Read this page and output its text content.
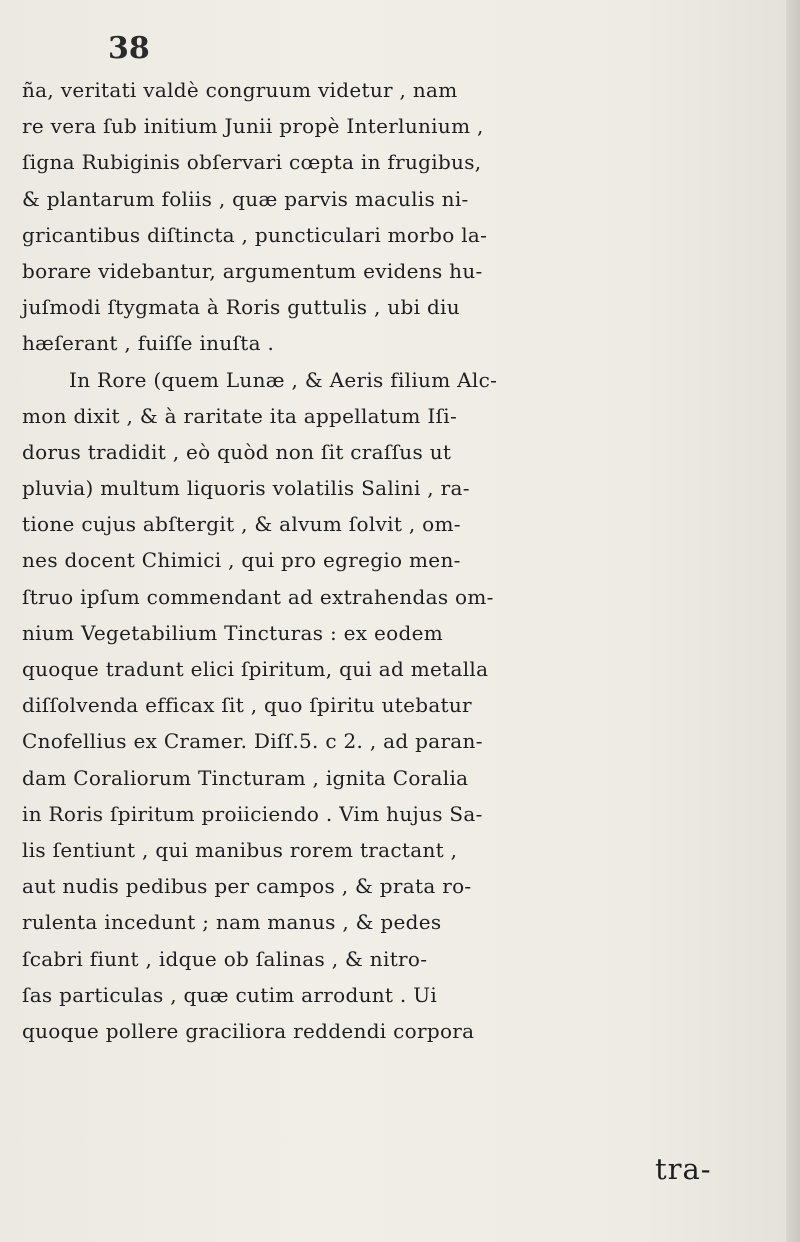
38
ña, veritati valdè congruum videtur , nam
re vera ſub initium Junii propè Interlunium ,
ſigna Rubiginis obſervari cœpta in frugibus,
& plantarum foliis , quæ parvis maculis ni-
gricantibus diſtincta , puncticulari morbo la-
borare videbantur, argumentum evidens hu-
juſmodi ſtygmata à Roris guttulis , ubi diu
hæſerant , fuiſſe inuſta .
In Rore (quem Lunæ , & Aeris filium Alc-
mon dixit , & à raritate ita appellatum Iſi-
dorus tradidit , eò quòd non ſit craſſus ut
pluvia) multum liquoris volatilis Salini , ra-
tione cujus abſtergit , & alvum ſolvit , om-
nes docent Chimici , qui pro egregio men-
ſtruo ipſum commendant ad extrahendas om-
nium Vegetabilium Tincturas : ex eodem
quoque tradunt elici ſpiritum, qui ad metalla
diſſolvenda efficax ſit , quo ſpiritu utebatur
Cnofellius ex Cramer. Diſſ.5. c 2. , ad paran-
dam Coraliorum Tincturam , ignita Coralia
in Roris ſpiritum proiiciendo . Vim hujus Sa-
lis ſentiunt , qui manibus rorem tractant ,
aut nudis pedibus per campos , & prata ro-
rulenta incedunt ; nam manus , & pedes
ſcabri fiunt , idque ob ſalinas , & nitro-
ſas particulas , quæ cutim arrodunt . Ui
quoque pollere graciliora reddendi corpora
tra-
